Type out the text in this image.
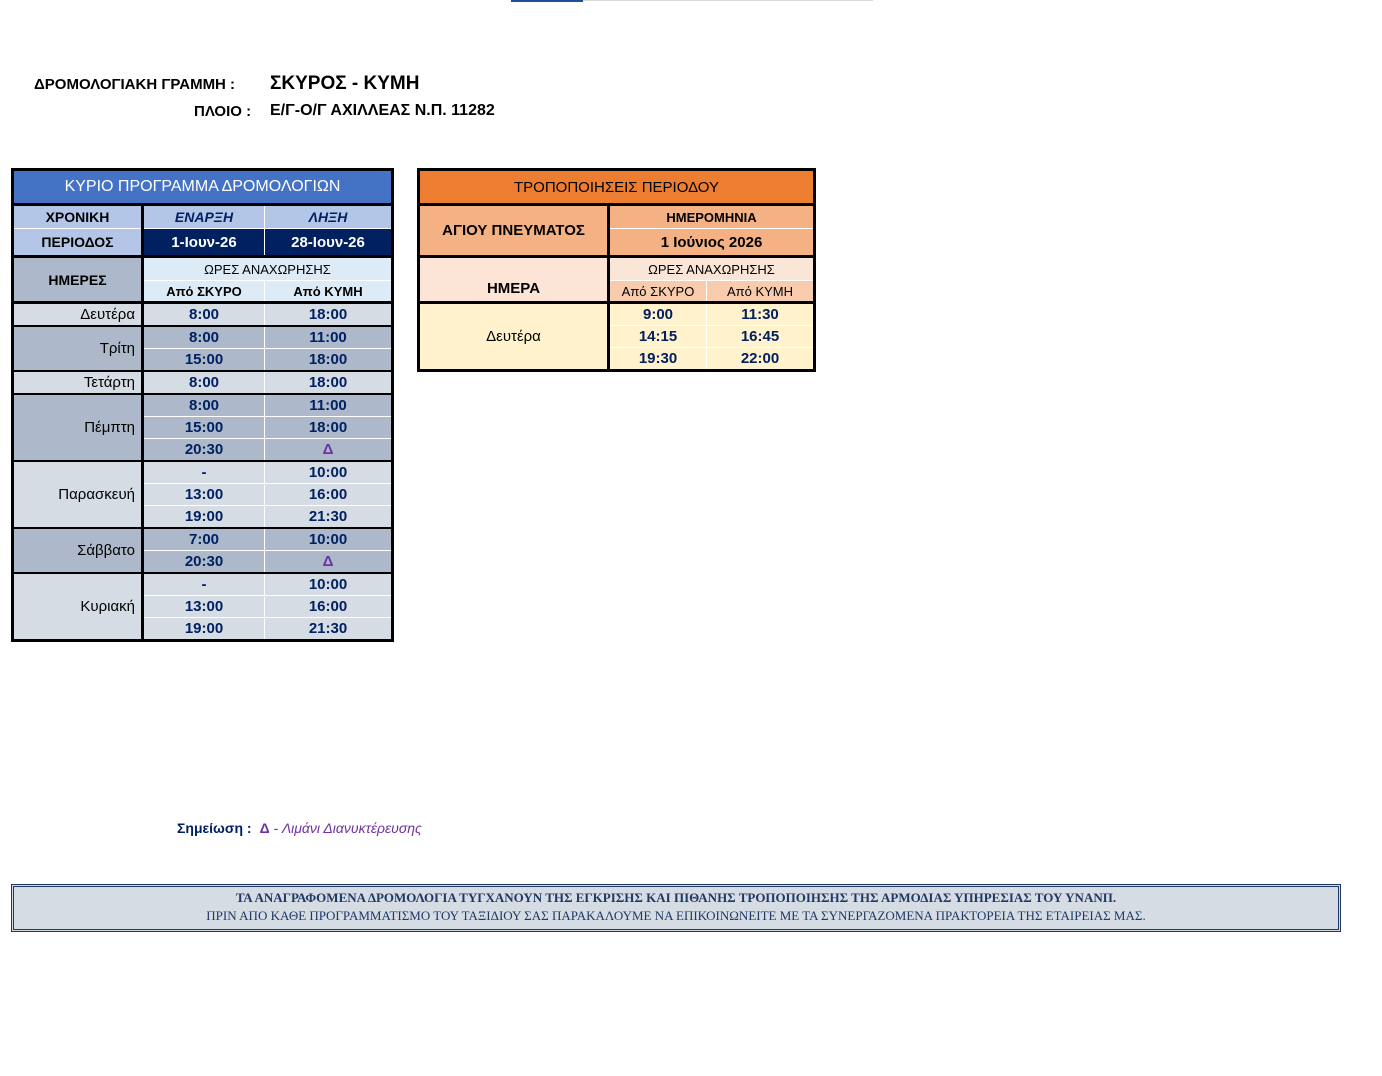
ΔΡΟΜΟΛΟΓΙΑΚΗ ΓΡΑΜΜΗ : ΣΚΥΡΟΣ - ΚΥΜΗ
ΠΛΟΙΟ : Ε/Γ-Ο/Γ ΑΧΙΛΛΕΑΣ Ν.Π. 11282
ΚΥΡΙΟ ΠΡΟΓΡΑΜΜΑ ΔΡΟΜΟΛΟΓΙΩΝ		
ΧΡΟΝΙΚΗ	ΕΝΑΡΞΗ	ΛΗΞΗ
ΠΕΡΙΟΔΟΣ	1-Ιουν-26	28-Ιουν-26
ΗΜΕΡΕΣ	ΩΡΕΣ ΑΝΑΧΩΡΗΣΗΣ	
	Από ΣΚΥΡΟ	Από ΚΥΜΗ
Δευτέρα	8:00	18:00
Τρίτη	8:00	11:00
	15:00	18:00
Τετάρτη	8:00	18:00
Πέμπτη	8:00	11:00
	15:00	18:00
	20:30	Δ
Παρασκευή	-	10:00
	13:00	16:00
	19:00	21:30
Σάββατο	7:00	10:00
	20:30	Δ
Κυριακή	-	10:00
	13:00	16:00
	19:00	21:30
ΤΡΟΠΟΠΟΙΗΣΕΙΣ ΠΕΡΙΟΔΟΥ		
ΑΓΙΟΥ ΠΝΕΥΜΑΤΟΣ	ΗΜΕΡΟΜΗΝΙΑ	
	1 Ιούνιος 2026	
ΗΜΕΡΑ	ΩΡΕΣ ΑΝΑΧΩΡΗΣΗΣ	
	Από ΣΚΥΡΟ	Από ΚΥΜΗ
Δευτέρα	9:00	11:30
	14:15	16:45
	19:30	22:00
Σημείωση : Δ - Λιμάνι Διανυκτέρευσης
ΤΑ ΑΝΑΓΡΑΦΟΜΕΝΑ ΔΡΟΜΟΛΟΓΙΑ ΤΥΓΧΑΝΟΥΝ ΤΗΣ ΕΓΚΡΙΣΗΣ ΚΑΙ ΠΙΘΑΝΗΣ ΤΡΟΠΟΠΟΙΗΣΗΣ ΤΗΣ ΑΡΜΟΔΙΑΣ ΥΠΗΡΕΣΙΑΣ ΤΟΥ ΥΝΑΝΠ.
ΠΡΙΝ ΑΠΟ ΚΑΘΕ ΠΡΟΓΡΑΜΜΑΤΙΣΜΟ ΤΟΥ ΤΑΞΙΔΙΟΥ ΣΑΣ ΠΑΡΑΚΑΛΟΥΜΕ ΝΑ ΕΠΙΚΟΙΝΩΝΕΙΤΕ ΜΕ ΤΑ ΣΥΝΕΡΓΑΖΟΜΕΝΑ ΠΡΑΚΤΟΡΕΙΑ ΤΗΣ ΕΤΑΙΡΕΙΑΣ ΜΑΣ.
